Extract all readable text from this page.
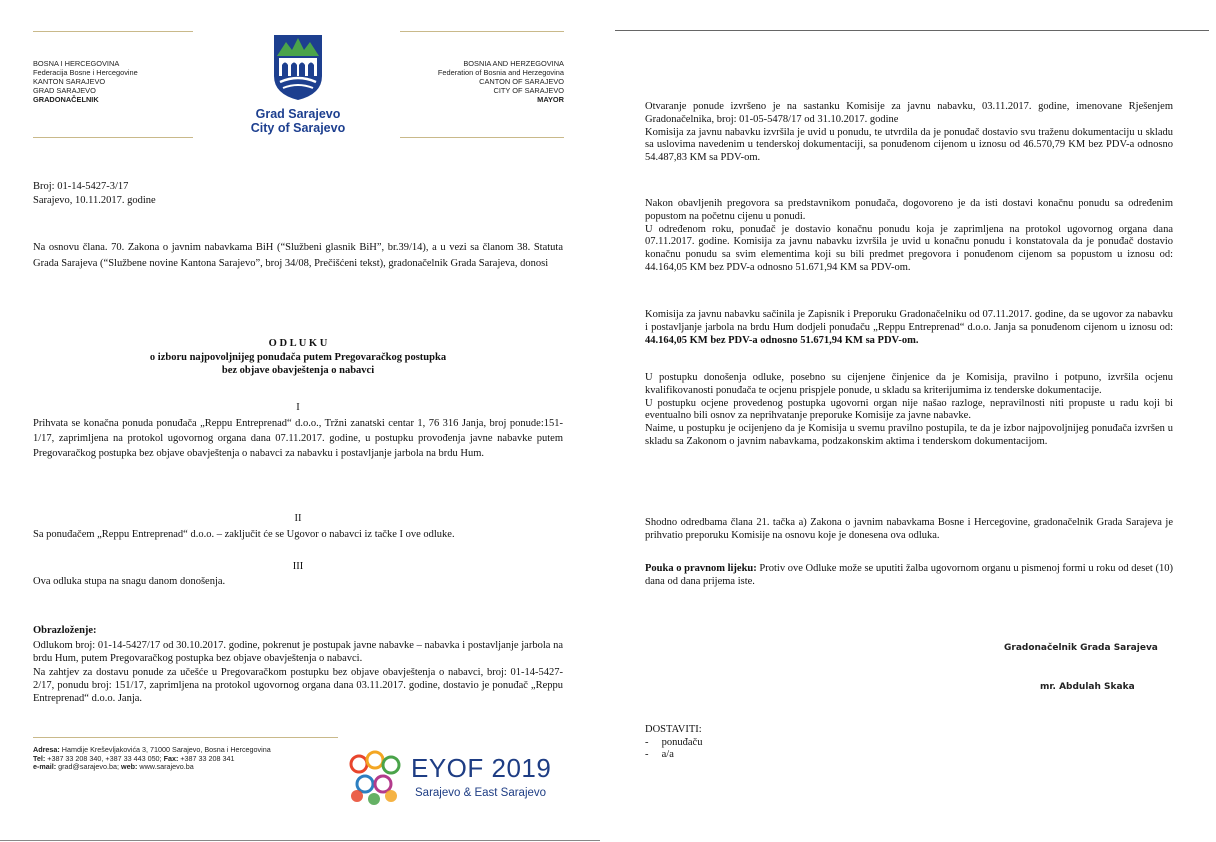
BOSNA I HERCEGOVINA
Federacija Bosne i Hercegovine
KANTON SARAJEVO
GRAD SARAJEVO
GRADONAČELNIK
Grad Sarajevo
City of Sarajevo
BOSNIA AND HERZEGOVINA
Federation of Bosnia and Herzegovina
CANTON OF SARAJEVO
CITY OF SARAJEVO
MAYOR
Broj: 01-14-5427-3/17
Sarajevo, 10.11.2017. godine
Na osnovu člana. 70. Zakona o javnim nabavkama BiH (“Službeni glasnik BiH”, br.39/14), a u vezi sa članom 38. Statuta Grada Sarajeva (“Službene novine Kantona Sarajevo”, broj 34/08, Prečišćeni tekst), gradonačelnik Grada Sarajeva, donosi
O D L U K U
o izboru najpovoljnijeg ponuđača putem Pregovaračkog postupka
bez objave obavještenja o nabavci
I
Prihvata se konačna ponuda ponuđača „Reppu Entreprenad“ d.o.o., Tržni zanatski centar 1, 76 316 Janja, broj ponude:151-1/17, zaprimljena na protokol ugovornog organa dana 07.11.2017. godine, u postupku provođenja javne nabavke putem Pregovaračkog postupka bez objave obavještenja o nabavci za nabavku i postavljanje jarbola na brdu Hum.
II
Sa ponuđačem „Reppu Entreprenad“ d.o.o. – zaključit će se Ugovor o nabavci iz tačke I ove odluke.
III
Ova odluka stupa na snagu danom donošenja.
Obrazloženje:
Odlukom broj: 01-14-5427/17 od 30.10.2017. godine, pokrenut je postupak javne nabavke – nabavka i postavljanje jarbola na brdu Hum, putem Pregovaračkog postupka bez objave obavještenja o nabavci.
Na zahtjev za dostavu ponude za učešće u Pregovaračkom postupku bez objave obavještenja o nabavci, broj: 01-14-5427-2/17, ponudu broj: 151/17, zaprimljena na protokol ugovornog organa dana 03.11.2017. godine, dostavio je ponuđač „Reppu Entreprenad“ d.o.o. Janja.
Adresa: Hamdije Kreševljakovića 3, 71000 Sarajevo, Bosna i Hercegovina
Tel: +387 33 208 340, +387 33 443 050; Fax: +387 33 208 341
e-mail: grad@sarajevo.ba; web: www.sarajevo.ba	EYOF 2019
Sarajevo & East Sarajevo
Otvaranje ponude izvršeno je na sastanku Komisije za javnu nabavku, 03.11.2017. godine, imenovane Rješenjem Gradonačelnika, broj: 01-05-5478/17 od 31.10.2017. godine
Komisija za javnu nabavku izvršila je uvid u ponudu, te utvrdila da je ponuđač dostavio svu traženu dokumentaciju u skladu sa uslovima navedenim u tenderskoj dokumentaciji, sa ponuđenom cijenom u iznosu od 46.570,79 KM bez PDV-a odnosno 54.487,83 KM sa PDV-om.
Nakon obavljenih pregovora sa predstavnikom ponuđača, dogovoreno je da isti dostavi konačnu ponudu sa određenim popustom na početnu cijenu u ponudi.
U određenom roku, ponuđač je dostavio konačnu ponudu koja je zaprimljena na protokol ugovornog organa dana 07.11.2017. godine. Komisija za javnu nabavku izvršila je uvid u konačnu ponudu i konstatovala da je ponuđač dostavio konačnu ponudu sa svim elementima koji su bili predmet pregovora i ponuđenom cijenom sa popustom u iznosu od: 44.164,05 KM bez PDV-a odnosno 51.671,94 KM sa PDV-om.
Komisija za javnu nabavku sačinila je Zapisnik i Preporuku Gradonačelniku od 07.11.2017. godine, da se ugovor za nabavku i postavljanje jarbola na brdu Hum dodjeli ponuđaču „Reppu Entreprenad“ d.o.o. Janja sa ponuđenom cijenom u iznosu od: 44.164,05 KM bez PDV-a odnosno 51.671,94 KM sa PDV-om.
U postupku donošenja odluke, posebno su cijenjene činjenice da je Komisija, pravilno i potpuno, izvršila ocjenu kvalifikovanosti ponuđača te ocjenu prispjele ponude, u skladu sa kriterijumima iz tenderske dokumentacije.
U postupku ocjene provedenog postupka ugovorni organ nije našao razloge, nepravilnosti niti propuste u radu koji bi eventualno bili osnov za neprihvatanje preporuke Komisije za javne nabavke.
Naime, u postupku je ocijenjeno da je Komisija u svemu pravilno postupila, te da je izbor najpovoljnijeg ponuđača izvršen u skladu sa Zakonom o javnim nabavkama, podzakonskim aktima i tenderskom dokumentacijom.
Shodno odredbama člana 21. tačka a) Zakona o javnim nabavkama Bosne i Hercegovine, gradonačelnik Grada Sarajeva je prihvatio preporuku Komisije na osnovu koje je donesena ova odluka.
Pouka o pravnom lijeku: Protiv ove Odluke može se uputiti žalba ugovornom organu u pismenoj formi u roku od deset (10) dana od dana prijema iste.
Gradonačelnik Grada Sarajeva
mr. Abdulah Skaka
DOSTAVITI:
-     ponuđaču
-     a/a
